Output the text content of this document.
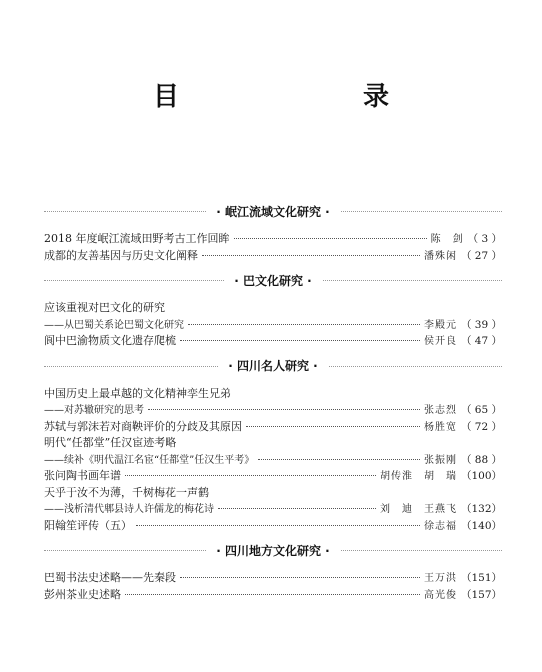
目　　录
· 岷江流域文化研究 ·
2018 年度岷江流域田野考古工作回眸	陈　剑 （ 3 ）
成都的友善基因与历史文化阐释	潘殊闲 （ 27 ）
· 巴文化研究 ·
应该重视对巴文化的研究
——从巴蜀关系论巴蜀文化研究	李殿元 （ 39 ）
阆中巴渝物质文化遗存爬梳	侯开良 （ 47 ）
· 四川名人研究 ·
中国历史上最卓越的文化精神孪生兄弟
——对苏辙研究的思考	张志烈 （ 65 ）
苏轼与郭沫若对商鞅评价的分歧及其原因	杨胜宽 （ 72 ）
明代“任都堂”任汉宦迹考略
——续补《明代温江名宦“任都堂”任汉生平考》	张振刚 （ 88 ）
张问陶书画年谱	胡传淮　胡　瑞 （100）
天乎于汝不为薄，千树梅花一声鹤
——浅析清代郫县诗人许儒龙的梅花诗	刘　迪　王燕飞 （132）
阳翰笙评传（五）	徐志福 （140）
· 四川地方文化研究 ·
巴蜀书法史述略——先秦段	王万洪 （151）
彭州茶业史述略	高光俊 （157）
